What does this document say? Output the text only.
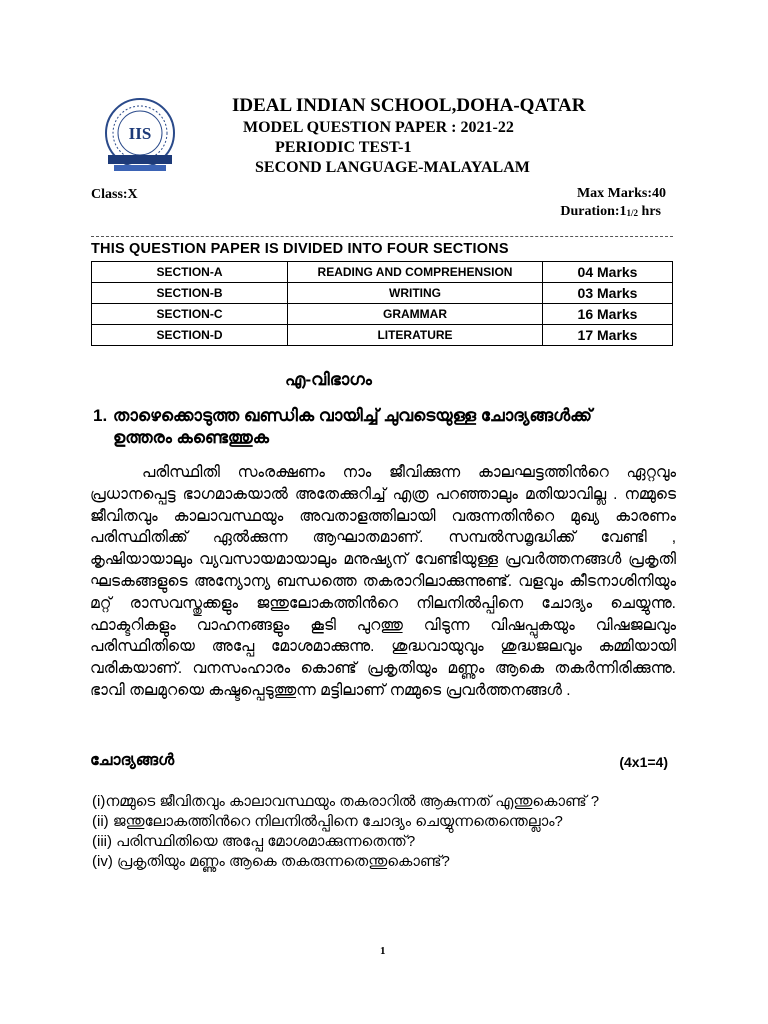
IIS
IDEAL INDIAN SCHOOL,DOHA-QATAR
MODEL QUESTION PAPER : 2021-22
PERIODIC TEST-1
SECOND LANGUAGE-MALAYALAM
Class:X	Max Marks:40
$Duration:1_{1/2}$ hrs
THIS QUESTION PAPER IS DIVIDED INTO FOUR SECTIONS
SECTION-A	READING AND COMPREHENSION	04 Marks
SECTION-B	WRITING	03 Marks
SECTION-C	GRAMMAR	16 Marks
SECTION-D	LITERATURE	17 Marks
എ-വിഭാഗം
1. താഴെക്കൊടുത്ത ഖണ്ഡിക വായിച്ച് ചുവടെയുള്ള ചോദ്യങ്ങൾക്ക് ഉത്തരം കണ്ടെത്തുക
പരിസ്ഥിതി സംരക്ഷണം നാം ജീവിക്കുന്ന കാലഘട്ടത്തിൻറെ ഏറ്റവും പ്രധാനപ്പെട്ട ഭാഗമാകയാൽ അതേക്കുറിച്ച് എത്ര പറഞ്ഞാലും മതിയാവില്ല . നമ്മുടെ ജീവിതവും കാലാവസ്ഥയും അവതാളത്തിലായി വരുന്നതിൻറെ മുഖ്യ കാരണം പരിസ്ഥിതിക്ക് ഏൽക്കുന്ന ആഘാതമാണ്. സമ്പൽസമൃദ്ധിക്ക് വേണ്ടി , കൃഷിയായാലും വ്യവസായമായാലും മനുഷ്യന് വേണ്ടിയുള്ള പ്രവർത്തനങ്ങൾ പ്രകൃതി ഘടകങ്ങളുടെ അന്യോന്യ ബന്ധത്തെ തകരാറിലാക്കുന്നുണ്ട്. വളവും കീടനാശിനിയും മറ്റ് രാസവസ്തുക്കളും ജന്തുലോകത്തിൻറെ നിലനിൽപ്പിനെ ചോദ്യം ചെയ്യുന്നു. ഫാക്ടറികളും വാഹനങ്ങളും കൂടി പുറത്തു വിടുന്ന വിഷപ്പുകയും വിഷജലവും പരിസ്ഥിതിയെ അപ്പേ മോശമാക്കുന്നു. ശുദ്ധവായുവും ശുദ്ധജലവും കമ്മിയായി വരികയാണ്. വനസംഹാരം കൊണ്ട് പ്രകൃതിയും മണ്ണും ആകെ തകർന്നിരിക്കുന്നു. ഭാവി തലമുറയെ കഷ്ടപ്പെടുത്തുന്ന മട്ടിലാണ് നമ്മുടെ പ്രവർത്തനങ്ങൾ .
ചോദ്യങ്ങൾ	(4x1=4)
(i)നമ്മുടെ ജീവിതവും കാലാവസ്ഥയും തകരാറിൽ ആകുന്നത് എന്തുകൊണ്ട് ?
(ii) ജന്തുലോകത്തിൻറെ നിലനിൽപ്പിനെ ചോദ്യം ചെയ്യുന്നതെന്തെല്ലാം?
(iii) പരിസ്ഥിതിയെ അപ്പേ മോശമാക്കുന്നതെന്ത്?
(iv) പ്രകൃതിയും മണ്ണും ആകെ തകരുന്നതെന്തുകൊണ്ട്?
1
